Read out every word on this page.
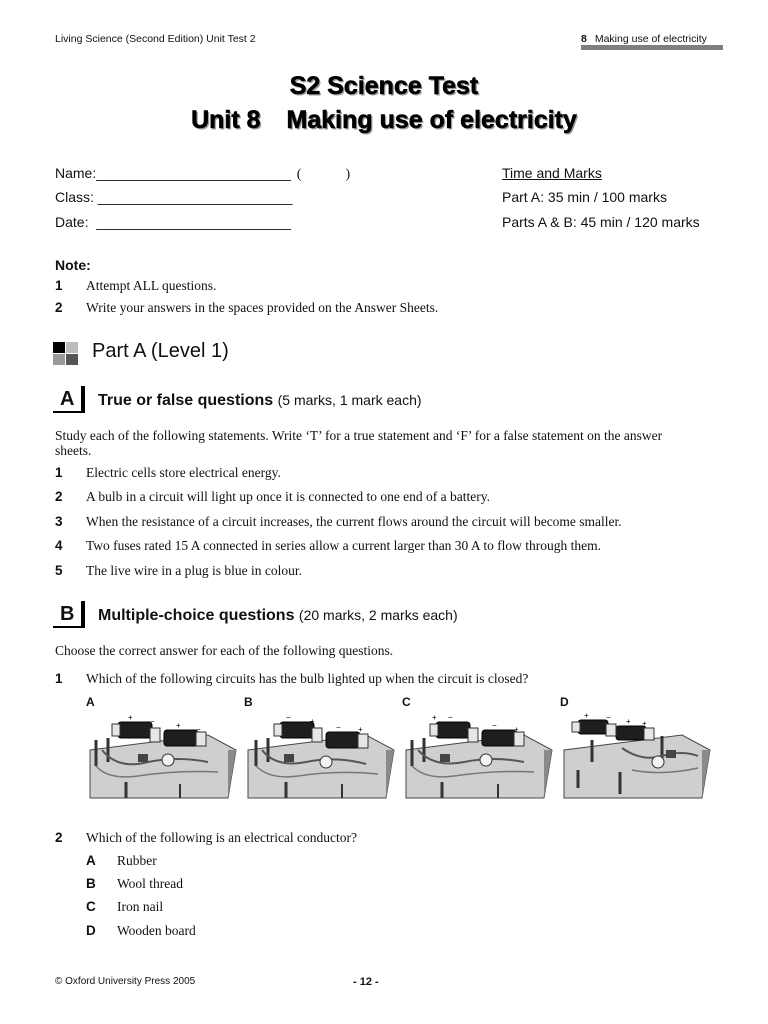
Living Science (Second Edition) Unit Test 2	8 Making use of electricity
S2 Science Test
Unit 8 Making use of electricity
Name:_________________________ (	)
Class: _________________________
Date: _________________________
Time and Marks
Part A: 35 min / 100 marks
Parts A & B: 45 min / 120 marks
Note:
1 Attempt ALL questions.
2 Write your answers in the spaces provided on the Answer Sheets.
Part A (Level 1)
A True or false questions (5 marks, 1 mark each)
Study each of the following statements. Write ‘T’ for a true statement and ‘F’ for a false statement on the answer
sheets.
1 Electric cells store electrical energy.
2 A bulb in a circuit will light up once it is connected to one end of a battery.
3 When the resistance of a circuit increases, the current flows around the circuit will become smaller.
4 Two fuses rated 15 A connected in series allow a current larger than 30 A to flow through them.
5 The live wire in a plug is blue in colour.
B Multiple-choice questions (20 marks, 2 marks each)
Choose the correct answer for each of the following questions.
1 Which of the following circuits has the bulb lighted up when the circuit is closed?
A	B	C	D
+ −	+ −
− +
− +
+ −
− +
+ − + +
2 Which of the following is an electrical conductor?
A Rubber
B Wool thread
C Iron nail
D Wooden board
© Oxford University Press 2005	- 12 -
